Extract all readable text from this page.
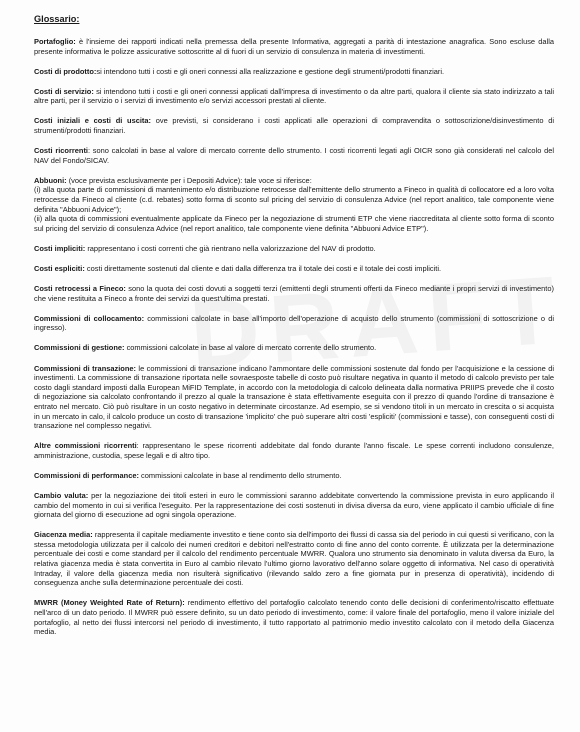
Glossario:
Portafoglio: è l'insieme dei rapporti indicati nella premessa della presente Informativa, aggregati a parità di intestazione anagrafica. Sono escluse dalla presente informativa le polizze assicurative sottoscritte al di fuori di un servizio di consulenza in materia di investimenti.
Costi di prodotto:si intendono tutti i costi e gli oneri connessi alla realizzazione e gestione degli strumenti/prodotti finanziari.
Costi di servizio: si intendono tutti i costi e gli oneri connessi applicati dall'impresa di investimento o da altre parti, qualora il cliente sia stato indirizzato a tali altre parti, per il servizio o i servizi di investimento e/o servizi accessori prestati al cliente.
Costi iniziali e costi di uscita: ove previsti, si considerano i costi applicati alle operazioni di compravendita o sottoscrizione/disinvestimento di strumenti/prodotti finanziari.
Costi ricorrenti: sono calcolati in base al valore di mercato corrente dello strumento. I costi ricorrenti legati agli OICR sono già considerati nel calcolo del NAV del Fondo/SICAV.
Abbuoni: (voce prevista esclusivamente per i Depositi Advice): tale voce si riferisce:
(i) alla quota parte di commissioni di mantenimento e/o distribuzione retrocesse dall'emittente dello strumento a Fineco in qualità di collocatore ed a loro volta retrocesse da Fineco al cliente (c.d. rebates) sotto forma di sconto sul pricing del servizio di consulenza Advice (nel report analitico, tale componente viene definita "Abbuoni Advice");
(ii) alla quota di commissioni eventualmente applicate da Fineco per la negoziazione di strumenti ETP che viene riaccreditata al cliente sotto forma di sconto sul pricing del servizio di consulenza Advice (nel report analitico, tale componente viene definita "Abbuoni Advice ETP").
Costi impliciti: rappresentano i costi correnti che già rientrano nella valorizzazione del NAV di prodotto.
Costi espliciti: costi direttamente sostenuti dal cliente e dati dalla differenza tra il totale dei costi e il totale dei costi impliciti.
Costi retrocessi a Fineco: sono la quota dei costi dovuti a soggetti terzi (emittenti degli strumenti offerti da Fineco mediante i propri servizi di investimento) che viene restituita a Fineco a fronte dei servizi da quest'ultima prestati.
Commissioni di collocamento: commissioni calcolate in base all'importo dell'operazione di acquisto dello strumento (commissioni di sottoscrizione o di ingresso).
Commissioni di gestione: commissioni calcolate in base al valore di mercato corrente dello strumento.
Commissioni di transazione: le commissioni di transazione indicano l'ammontare delle commissioni sostenute dal fondo per l'acquisizione e la cessione di investimenti. La commissione di transazione riportata nelle sovraesposte tabelle di costo può risultare negativa in quanto il metodo di calcolo previsto per tale costo dagli standard imposti dalla European MiFID Template, in accordo con la metodologia di calcolo delineata dalla normativa PRIIPS prevede che il costo di negoziazione sia calcolato confrontando il prezzo al quale la transazione è stata effettivamente eseguita con il prezzo di quando l'ordine di transazione è entrato nel mercato. Ciò può risultare in un costo negativo in determinate circostanze. Ad esempio, se si vendono titoli in un mercato in crescita o si acquista in un mercato in calo, il calcolo produce un costo di transazione 'implicito' che può superare altri costi 'espliciti' (commissioni e tasse), con conseguenti costi di transazione nel complesso negativi.
Altre commissioni ricorrenti: rappresentano le spese ricorrenti addebitate dal fondo durante l'anno fiscale. Le spese correnti includono consulenze, amministrazione, custodia, spese legali e di altro tipo.
Commissioni di performance: commissioni calcolate in base al rendimento dello strumento.
Cambio valuta: per la negoziazione dei titoli esteri in euro le commissioni saranno addebitate convertendo la commissione prevista in euro applicando il cambio del momento in cui si verifica l'eseguito. Per la rappresentazione dei costi sostenuti in divisa diversa da euro, viene applicato il cambio ufficiale di fine giornata del giorno di esecuzione ad ogni singola operazione.
Giacenza media: rappresenta il capitale mediamente investito e tiene conto sia dell'importo dei flussi di cassa sia del periodo in cui questi si verificano, con la stessa metodologia utilizzata per il calcolo dei numeri creditori e debitori nell'estratto conto di fine anno del conto corrente. È utilizzata per la determinazione percentuale dei costi e come standard per il calcolo del rendimento percentuale MWRR. Qualora uno strumento sia denominato in valuta diversa da Euro, la relativa giacenza media è stata convertita in Euro al cambio rilevato l'ultimo giorno lavorativo dell'anno solare oggetto di informativa. Nel caso di operatività Intraday, il valore della giacenza media non risulterà significativo (rilevando saldo zero a fine giornata pur in presenza di operatività), incidendo di conseguenza anche sulla determinazione percentuale dei costi.
MWRR (Money Weighted Rate of Return): rendimento effettivo del portafoglio calcolato tenendo conto delle decisioni di conferimento/riscatto effettuate nell'arco di un dato periodo. Il MWRR può essere definito, su un dato periodo di investimento, come: il valore finale del portafoglio, meno il valore iniziale del portafoglio, al netto dei flussi intercorsi nel periodo di investimento, il tutto rapportato al patrimonio medio investito calcolato con il metodo della Giacenza media.
